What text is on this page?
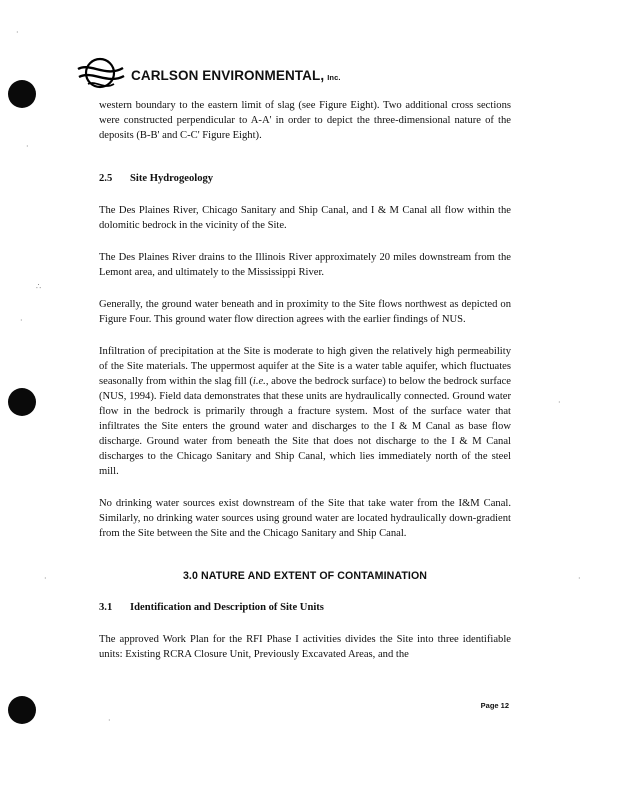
·
·
∴
·
·
·	·
·
CARLSON ENVIRONMENTAL, Inc.

western boundary to the eastern limit of slag (see Figure Eight). Two additional cross sections were constructed perpendicular to A-A' in order to depict the three-dimensional nature of the deposits (B-B' and C-C' Figure Eight).

2.5 Site Hydrogeology

The Des Plaines River, Chicago Sanitary and Ship Canal, and I & M Canal all flow within the dolomitic bedrock in the vicinity of the Site.

The Des Plaines River drains to the Illinois River approximately 20 miles downstream from the Lemont area, and ultimately to the Mississippi River.

Generally, the ground water beneath and in proximity to the Site flows northwest as depicted on Figure Four. This ground water flow direction agrees with the earlier findings of NUS.

Infiltration of precipitation at the Site is moderate to high given the relatively high permeability of the Site materials. The uppermost aquifer at the Site is a water table aquifer, which fluctuates seasonally from within the slag fill (i.e., above the bedrock surface) to below the bedrock surface (NUS, 1994). Field data demonstrates that these units are hydraulically connected. Ground water flow in the bedrock is primarily through a fracture system. Most of the surface water that infiltrates the Site enters the ground water and discharges to the I & M Canal as base flow discharge. Ground water from beneath the Site that does not discharge to the I & M Canal discharges to the Chicago Sanitary and Ship Canal, which lies immediately north of the steel mill.

No drinking water sources exist downstream of the Site that take water from the I&M Canal. Similarly, no drinking water sources using ground water are located hydraulically down-gradient from the Site between the Site and the Chicago Sanitary and Ship Canal.

3.0 NATURE AND EXTENT OF CONTAMINATION
3.1 Identification and Description of Site Units

The approved Work Plan for the RFI Phase I activities divides the Site into three identifiable units: Existing RCRA Closure Unit, Previously Excavated Areas, and the

Page 12
